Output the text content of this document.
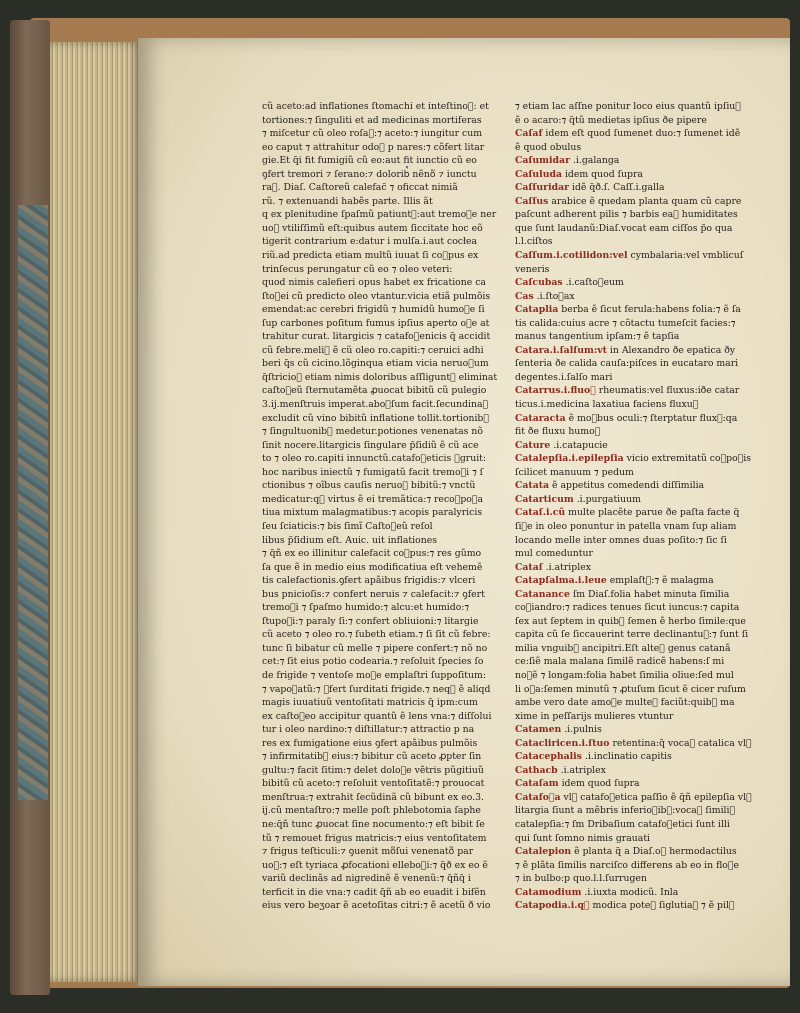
cũ aceto:ad inflationes ſtomachi et inteſtino᷑: et
tortiones:⁊ ſinguliti et ad medicinas mortiferas
⁊ miſcetur cũ oleo roſa᷑:⁊ aceto:⁊ iungitur cum
eo caput ⁊ attrahitur odo᷑ p nares:⁊ cõfert litar
gie.Et q̃i fit fumigiũ cũ eo:aut fit iunctio cũ eo
ꝯfert tremori ⁊ ſerano:⁊ dolorib᷒ nẽno᷑ ⁊ iunctu
ra᷑. Diaſ. Caſtoreũ calefac̃ ⁊ oficcat nimiã
rũ. ⁊ extenuandi habẽs parte. Illis ãt
q ex plenitudine ſpaſmũ patiunt᷑:aut tremo᷑e ner
uo᷑ vtiliſſimũ eſt:quibus autem ſiccitate hoc eõ
tigerit contrarium e:datur i mulſa.i.aut cocłea
riũ.ad predicta etiam multũ iuuat ſi co᷑pus ex
trinſecus perungatur cũ eo ⁊ oleo veteri:
quod nimis calefieri opus habet ex fricatione ca
ſto᷑ei cũ predicto oleo vtantur.vicia etiã pulmõis
emendat:ac cerebri frigidũ ⁊ humidũ humo᷑e ſi
ſup carbones poſitum fumus ipſius aperto o᷑e at
trahitur curat. litargicis ⁊ catafo᷑enicis q̃ accidit
cũ febre.meli᷒ ẽ cũ oleo ro.capiti:⁊ ceruici adhi
beri q̃s cũ cicino.lõginqua etiam vicia neruo᷑um
q̃ſtricio᷑ etiam nimis doloribus aſſliguntᷓ eliminat
caſto᷑eũ ſternutamẽta ꝓuocat bibitũ cũ pulegio
3.ij.menſtruis imperat.abo᷑ſum facit.ſecundina᷑
excludit cũ vino bibitũ inflatione tollit.tortionib᷒
⁊ ſingultuonib᷒ medetur.potiones venenatas nõ
ſinit nocere.litargicis ſingulare p̃ſidiũ ẽ cũ ace
to ⁊ oleo ro.capiti innunctũ.catafo᷑eticis ꝯgruit:
hoc naribus iniectũ ⁊ fumigatũ facit tremo᷑i ⁊ ſ
ctionibus ⁊ oĩbus cauſis neruo᷑ bibitũ:⁊ vnctũ
medicatur:q᷑ virtus ẽ ei tremãtica:⁊ reco᷑po᷑a
tiua mixtum malagmatibus:⁊ acopis paralyricis
ſeu ſciaticis:⁊ bis ſimĩ Caſto᷑eũ reſol
libus p̃ſidium eſt. Auic. uit inflationes
⁊ q̃ñ ex eo illinitur calefacit co᷑pus:⁊ res gũmo
ſa que ẽ in medio eius modificatiua eſt vehemẽ
tis calefactionis.ꝯfert apãibus frigidis:⁊ vlceri
bus pnicioſis:⁊ confert neruis ⁊ calefacit:⁊ ꝯfert
tremo᷑i ⁊ ſpaſmo humido:⁊ alcu:et humido:⁊
ſtupo᷑i:⁊ paraly ſi:⁊ confert obliuioni:⁊ litargie
cũ aceto ⁊ oleo ro.⁊ ſubeth etiam.⁊ ſi ſit cũ febre:
tunc ſi bibatur cũ melle ⁊ pipere confert:⁊ nõ no
cet:⁊ ſit eius potio codearia.⁊ reſoluit ſpecies ſo
de frigide ⁊ ventoſe mo᷑e emplaſtri ſuppoſitum:
⁊ vapo᷑atũ:⁊ ꝯfert ſurditati frigide.⁊ neq᷑ ẽ aliqd
magis iuuatiuũ ventoſitati matricis q̃ ipm:cum
ex caſto᷑eo accipitur quantũ ẽ lens vna:⁊ diſſolui
tur i oleo nardino:⁊ diſtillatur:⁊ attractio p na
res ex fumigatione eius ꝯfert apãibus pulmõis
⁊ infirmitatib᷒ eius:⁊ bibitur cũ aceto ꝓpter ſin
gultu:⁊ facit ſitim:⁊ delet dolo᷑e vẽtris pũgitiuũ
bibitũ cũ aceto:⁊ reſoluit ventoſitatẽ:⁊ prouocat
menſtrua:⁊ extrahit ſecũdinã cũ bibunt ex eo.3.
ij.cũ mentaſtro:⁊ melle poſt phlebotomia ſaphe
ne:q̃ñ tunc ꝓuocat ſine nocumento:⁊ eſt bibit ſe
tũ ⁊ remouet frigus matricis:⁊ eius ventoſitatem
⁊ frigus teſticuli:⁊ ꝯuenit mo᷑ſui venenato᷑ par
uo᷑:⁊ eſt tyriaca ꝓfocationi ellebo᷑i:⁊ q̃ð ex eo ẽ
variũ declinãs ad nigredinẽ ẽ venenũ:⁊ q̃ñq̃ i
terficit in die vna:⁊ cadit q̃ñ ab eo euadit i bifẽn
eius vero beʒoar ẽ acetoſitas citri:⁊ ẽ acetũ ð vio
⁊ etiam lac aſſne ponitur loco eius quantũ ipſiu᷑
ẽ o acaro:⁊ q̃tũ medietas ipſius ðe pipere
Caſaf idem eſt quod ſumenet duo:⁊ ſumenet idẽ
ẽ quod obulus
Caſumidar .i.galanga
Caſuluda idem quod ſupra
Caſſuridar idẽ q̃ð.ſ. Caſſ.i.galla
Caſſus arabice ẽ quedam planta quam cũ capre
paſcunt adherent pilis ⁊ barbis ea᷑ humiditates
que ſunt laudanũ:Diaſ.vocat eam ciſſos p̃o qua
l.l.ciſtos
Caſſum.i.cotilidon:vel cymbalaria:vel vmblicuſ
veneris
Caſcubas .i.caſto᷑eum
Cas .i.ſto᷑ax
Cataplia berba ẽ ſicut ferula:habens folia:⁊ ẽ ſa
tis calida:cuius acre ⁊ cõtactu tumeſcit facies:⁊
manus tangentium ipſam:⁊ ẽ tapſia
Catara.i.ſalſum:vt in Alexandro ðe epatica ðy
ſenteria ðe calida cauſa:piſces in eucataro mari
degentes.i.ſalſo mari
Catarrus.i.fluo᷑ rheumatis:vel fluxus:iðe catar
ticus.i.medicina laxatiua faciens fluxu᷑
Cataracta ẽ mo᷑bus oculi:⁊ ſterptatur flux᷒:qa
fit ðe fluxu humo᷑
Cature .i.catapucie
Catalepſia.i.epilepſia vicio extremitatũ co᷑po᷑is
ſcilicet manuum ⁊ pedum
Catata ẽ appetitus comedendi diſſimilia
Catarticum .i.purgatiuum
Cataſ.i.cũ multe placẽte parue ðe paſta facte q̃
ſi᷑e in oleo ponuntur in patella vnam ſup aliam
locando melle inter omnes duas poſito:⁊ ſic ſi
mul comeduntur
Cataſ .i.atriplex
Catapſalma.i.leue emplaſt᷑:⁊ ẽ malagma
Catanance ſm Diaſ.folia habet minuta ſimilia
co᷑iandro:⁊ radices tenues ſicut iuncus:⁊ capita
ſex aut ſeptem in quib᷒ ſemen ẽ herbo ſimile:que
capita cũ ſe ſiccauerint terre declinantu᷑:⁊ ſunt ſi
milia vnguib᷒ ancipitri.Eſt alte᷑ genus catanã
ce:ſiẽ mala malana ſimilẽ radicẽ habens:ſ mi
no᷑ẽ ⁊ longam:folia habet ſimilia oliue:ſed mul
li o᷑a:ſemen minutũ ⁊ ꝓtuſum ſicut ẽ cicer ruſum
ambe vero date amo᷑e multe᷑ faciũt:quib᷒ ma
xime in peſſarijs mulieres vtuntur
Catamen .i.pulnis
Catacliricen.i.ſtuo retentina:q̃ vocaᷓ catalica vl᷒
Catacephalis .i.inclinatio capitis
Cathacb .i.atriplex
Cataſam idem quod ſupra
Catafo᷑a vl᷒ catafo᷑etica paſſio ẽ q̃ñ epilepſia vl᷒
litargia ſiunt a mẽbris inferio᷑ib᷒:vocaᷓ ſimiliᷓ
catalepſia:⁊ ſm Dribaſium catafo᷑etici ſunt illi
qui ſunt ſomno nimis grauati
Catalepion ẽ planta q̃ a Diaſ.oᷓ hermodactilus
⁊ ẽ plãta ſimilis narciſco differens ab eo in flo᷑e
⁊ in bulbo:p quo.l.l.ſurrugen
Catamodium .i.iuxta modicũ. Inla
Catapodia.i.q᷒ modica poteᷓ ſiglutiaᷓ ⁊ ẽ pil᷒
